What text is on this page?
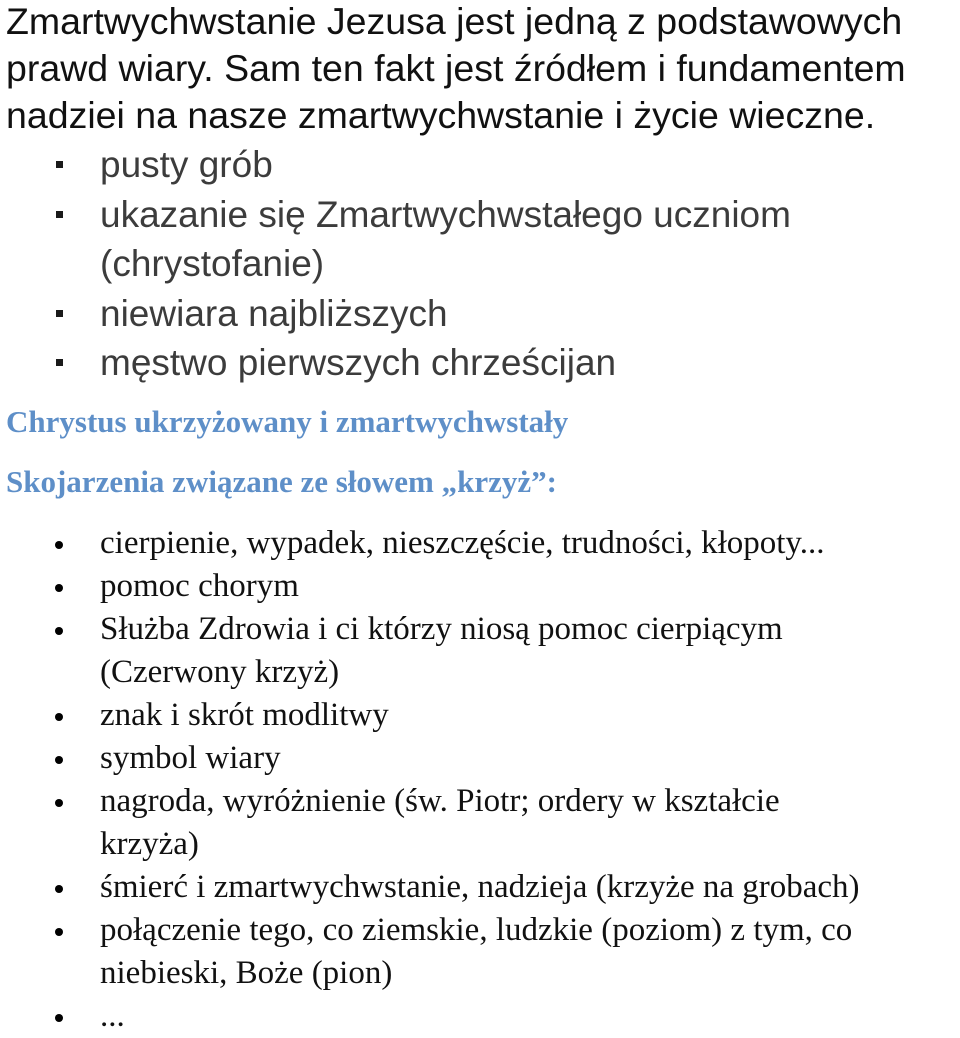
Zmartwychwstanie Jezusa jest jedną z podstawowych
prawd wiary. Sam ten fakt jest źródłem i fundamentem
nadziei na nasze zmartwychwstanie i życie wieczne.

pusty grób
ukazanie się Zmartwychwstałego uczniom
(chrystofanie)
niewiara najbliższych
męstwo pierwszych chrześcijan
Chrystus ukrzyżowany i zmartwychwstały
Skojarzenia związane ze słowem „krzyż”:
cierpienie, wypadek, nieszczęście, trudności, kłopoty...
pomoc chorym
Służba Zdrowia i ci którzy niosą pomoc cierpiącym
(Czerwony krzyż)
znak i skrót modlitwy
symbol wiary
nagroda, wyróżnienie (św. Piotr; ordery w kształcie
krzyża)
śmierć i zmartwychwstanie, nadzieja (krzyże na grobach)
połączenie tego, co ziemskie, ludzkie (poziom) z tym, co
niebieski, Boże (pion)
...
